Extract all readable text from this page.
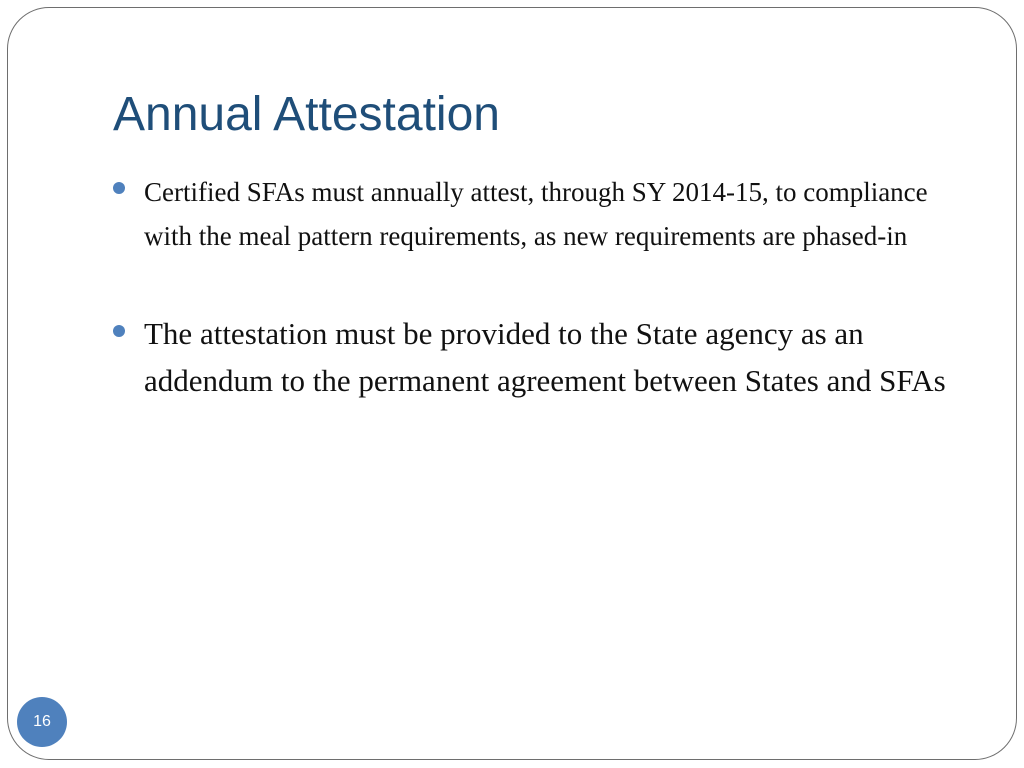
Annual Attestation
Certified SFAs must annually attest, through SY 2014-15, to compliance with the meal pattern requirements, as new requirements are phased-in
The attestation must be provided to the State agency as an addendum to the permanent agreement between States and SFAs
16
